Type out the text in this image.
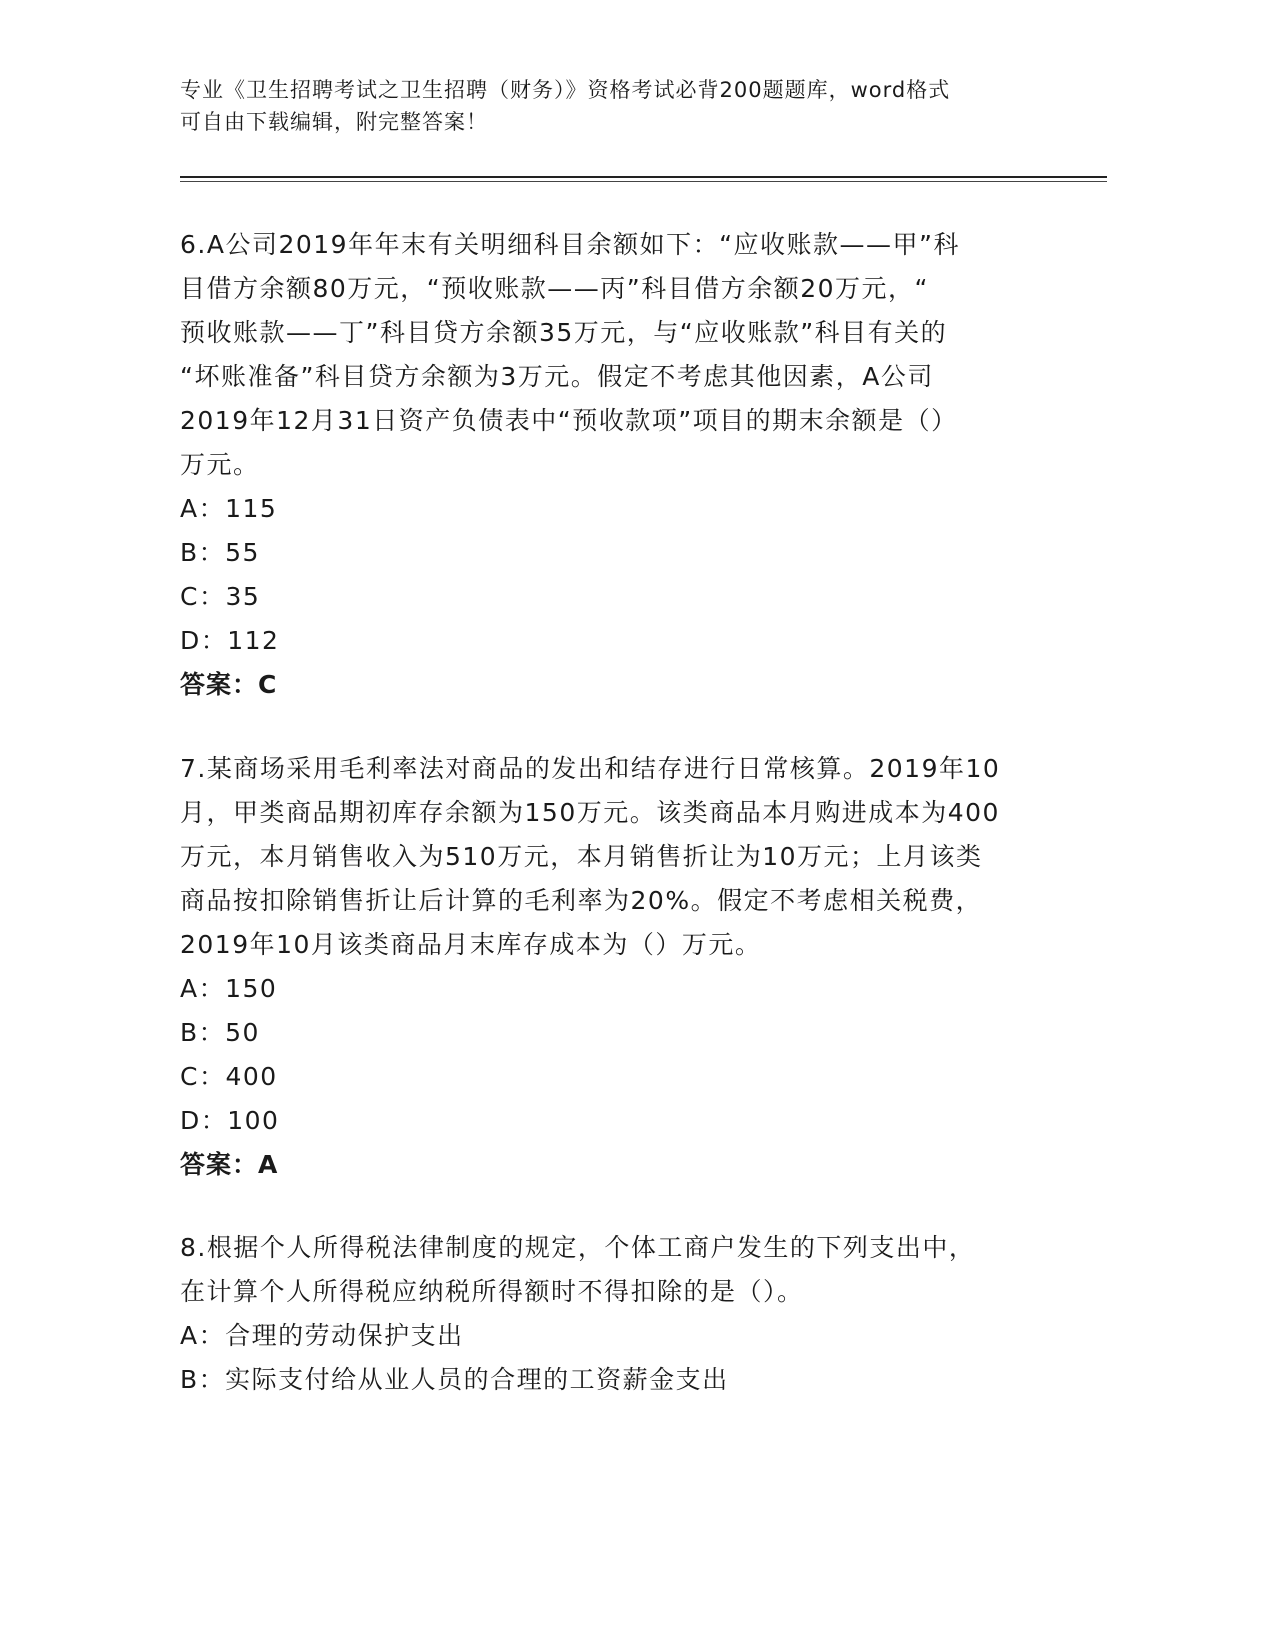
专业《卫生招聘考试之卫生招聘（财务）》资格考试必背200题题库，word格式
可自由下载编辑，附完整答案！
6.A公司2019年年末有关明细科目余额如下：“应收账款——甲”科
目借方余额80万元，“预收账款——丙”科目借方余额20万元，“
预收账款——丁”科目贷方余额35万元，与“应收账款”科目有关的
“坏账准备”科目贷方余额为3万元。假定不考虑其他因素，A公司
2019年12月31日资产负债表中“预收款项”项目的期末余额是（）
万元。
A：115
B：55
C：35
D：112
答案：C
7.某商场采用毛利率法对商品的发出和结存进行日常核算。2019年10
月，甲类商品期初库存余额为150万元。该类商品本月购进成本为400
万元，本月销售收入为510万元，本月销售折让为10万元；上月该类
商品按扣除销售折让后计算的毛利率为20%。假定不考虑相关税费，
2019年10月该类商品月末库存成本为（）万元。
A：150
B：50
C：400
D：100
答案：A
8.根据个人所得税法律制度的规定，个体工商户发生的下列支出中，
在计算个人所得税应纳税所得额时不得扣除的是（）。
A：合理的劳动保护支出
B：实际支付给从业人员的合理的工资薪金支出
